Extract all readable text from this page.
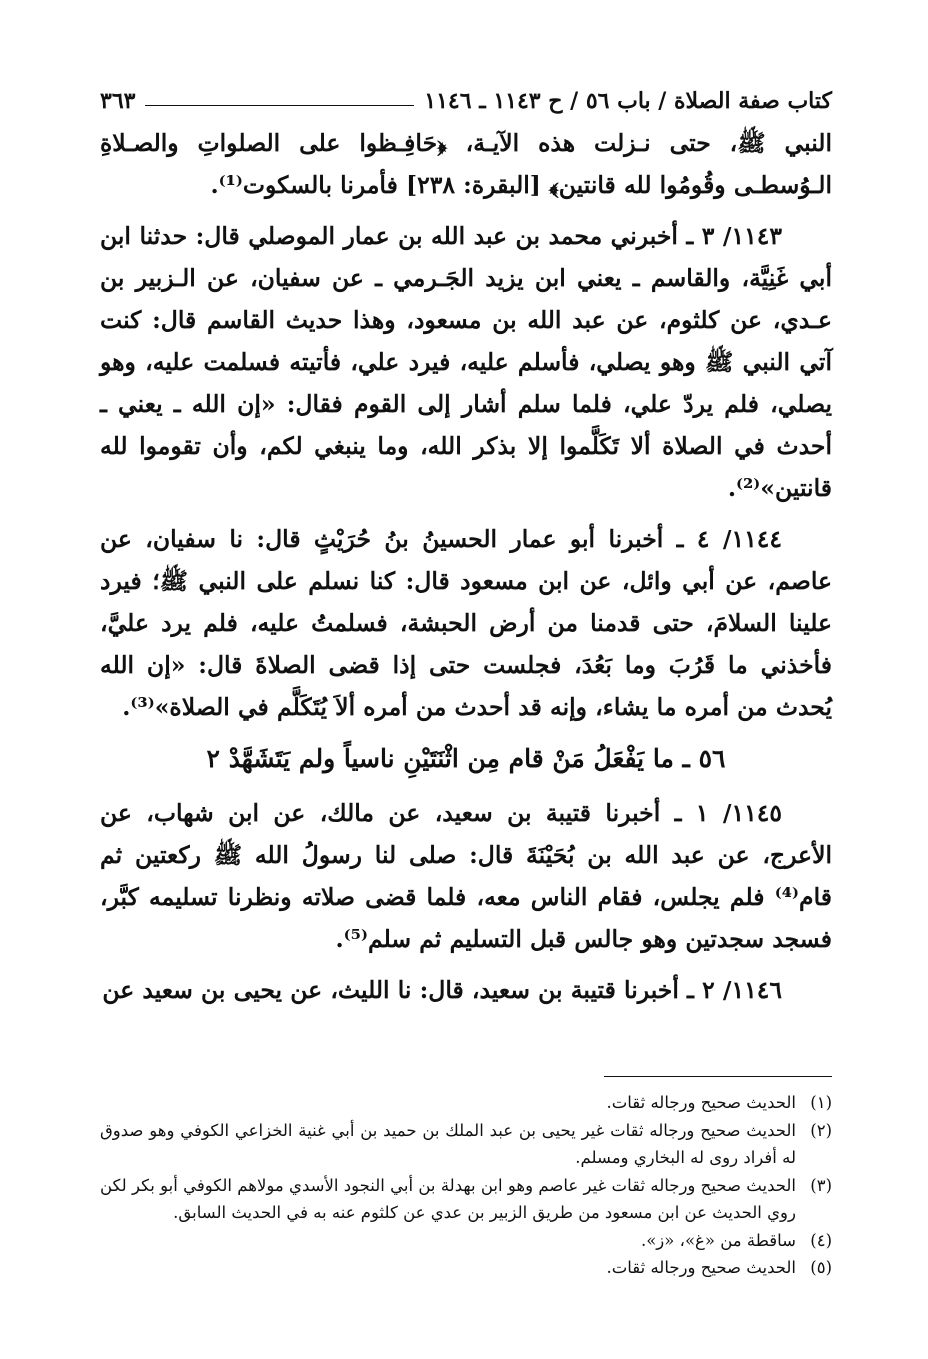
كتاب صفة الصلاة / باب ٥٦ / ح ١١٤٣ ـ ١١٤٦
٣٦٣

النبي ﷺ، حتى نـزلت هذه الآيـة، ﴿حَافِـظوا على الصلواتِ والصـلاةِ الـوُسطـى وقُومُوا لله قانتين﴾ [البقرة: ٢٣٨] فأمرنا بالسكوت⁽¹⁾.

١١٤٣/ ٣ ـ أخبرني محمد بن عبد الله بن عمار الموصلي قال: حدثنا ابن أبي غَنِيَّة، والقاسم ـ يعني ابن يزيد الجَـرمي ـ عن سفيان، عن الـزبير بن عـدي، عن كلثوم، عن عبد الله بن مسعود، وهذا حديث القاسم قال: كنت آتي النبي ﷺ وهو يصلي، فأسلم عليه، فيرد علي، فأتيته فسلمت عليه، وهو يصلي، فلم يردّ علي، فلما سلم أشار إلى القوم فقال: «إن الله ـ يعني ـ أحدث في الصلاة ألا تَكَلَّموا إلا بذكر الله، وما ينبغي لكم، وأن تقوموا لله قانتين»⁽²⁾.

١١٤٤/ ٤ ـ أخبرنا أبو عمار الحسينُ بنُ حُرَيْثٍ قال: نا سفيان، عن عاصم، عن أبي وائل، عن ابن مسعود قال: كنا نسلم على النبي ﷺ؛ فيرد علينا السلامَ، حتى قدمنا من أرض الحبشة، فسلمتُ عليه، فلم يرد عليَّ، فأخذني ما قَرُبَ وما بَعُدَ، فجلست حتى إذا قضى الصلاةَ قال: «إن الله يُحدث من أمره ما يشاء، وإنه قد أحدث من أمره ألاَ يُتَكَلَّم في الصلاة»⁽³⁾.

٥٦ ـ ما يَفْعَلُ مَنْ قام مِن اثْنَتَيْنِ ناسياً ولم يَتَشَهَّدْ ٢

١١٤٥/ ١ ـ أخبرنا قتيبة بن سعيد، عن مالك، عن ابن شهاب، عن الأعرج، عن عبد الله بن بُحَيْنَةَ قال: صلى لنا رسولُ الله ﷺ ركعتين ثم قام⁽⁴⁾ فلم يجلس، فقام الناس معه، فلما قضى صلاته ونظرنا تسليمه كبَّر، فسجد سجدتين وهو جالس قبل التسليم ثم سلم⁽⁵⁾.

١١٤٦/ ٢ ـ أخبرنا قتيبة بن سعيد، قال: نا الليث، عن يحيى بن سعيد عن

(١)
الحديث صحيح ورجاله ثقات.
(٢)
الحديث صحيح ورجاله ثقات غير يحيى بن عبد الملك بن حميد بن أبي غنية الخزاعي الكوفي وهو صدوق له أفراد روى له البخاري ومسلم.
(٣)
الحديث صحيح ورجاله ثقات غير عاصم وهو ابن بهدلة بن أبي النجود الأسدي مولاهم الكوفي أبو بكر لكن روي الحديث عن ابن مسعود من طريق الزبير بن عدي عن كلثوم عنه به في الحديث السابق.
(٤)
ساقطة من «غ»، «ز».
(٥)
الحديث صحيح ورجاله ثقات.
